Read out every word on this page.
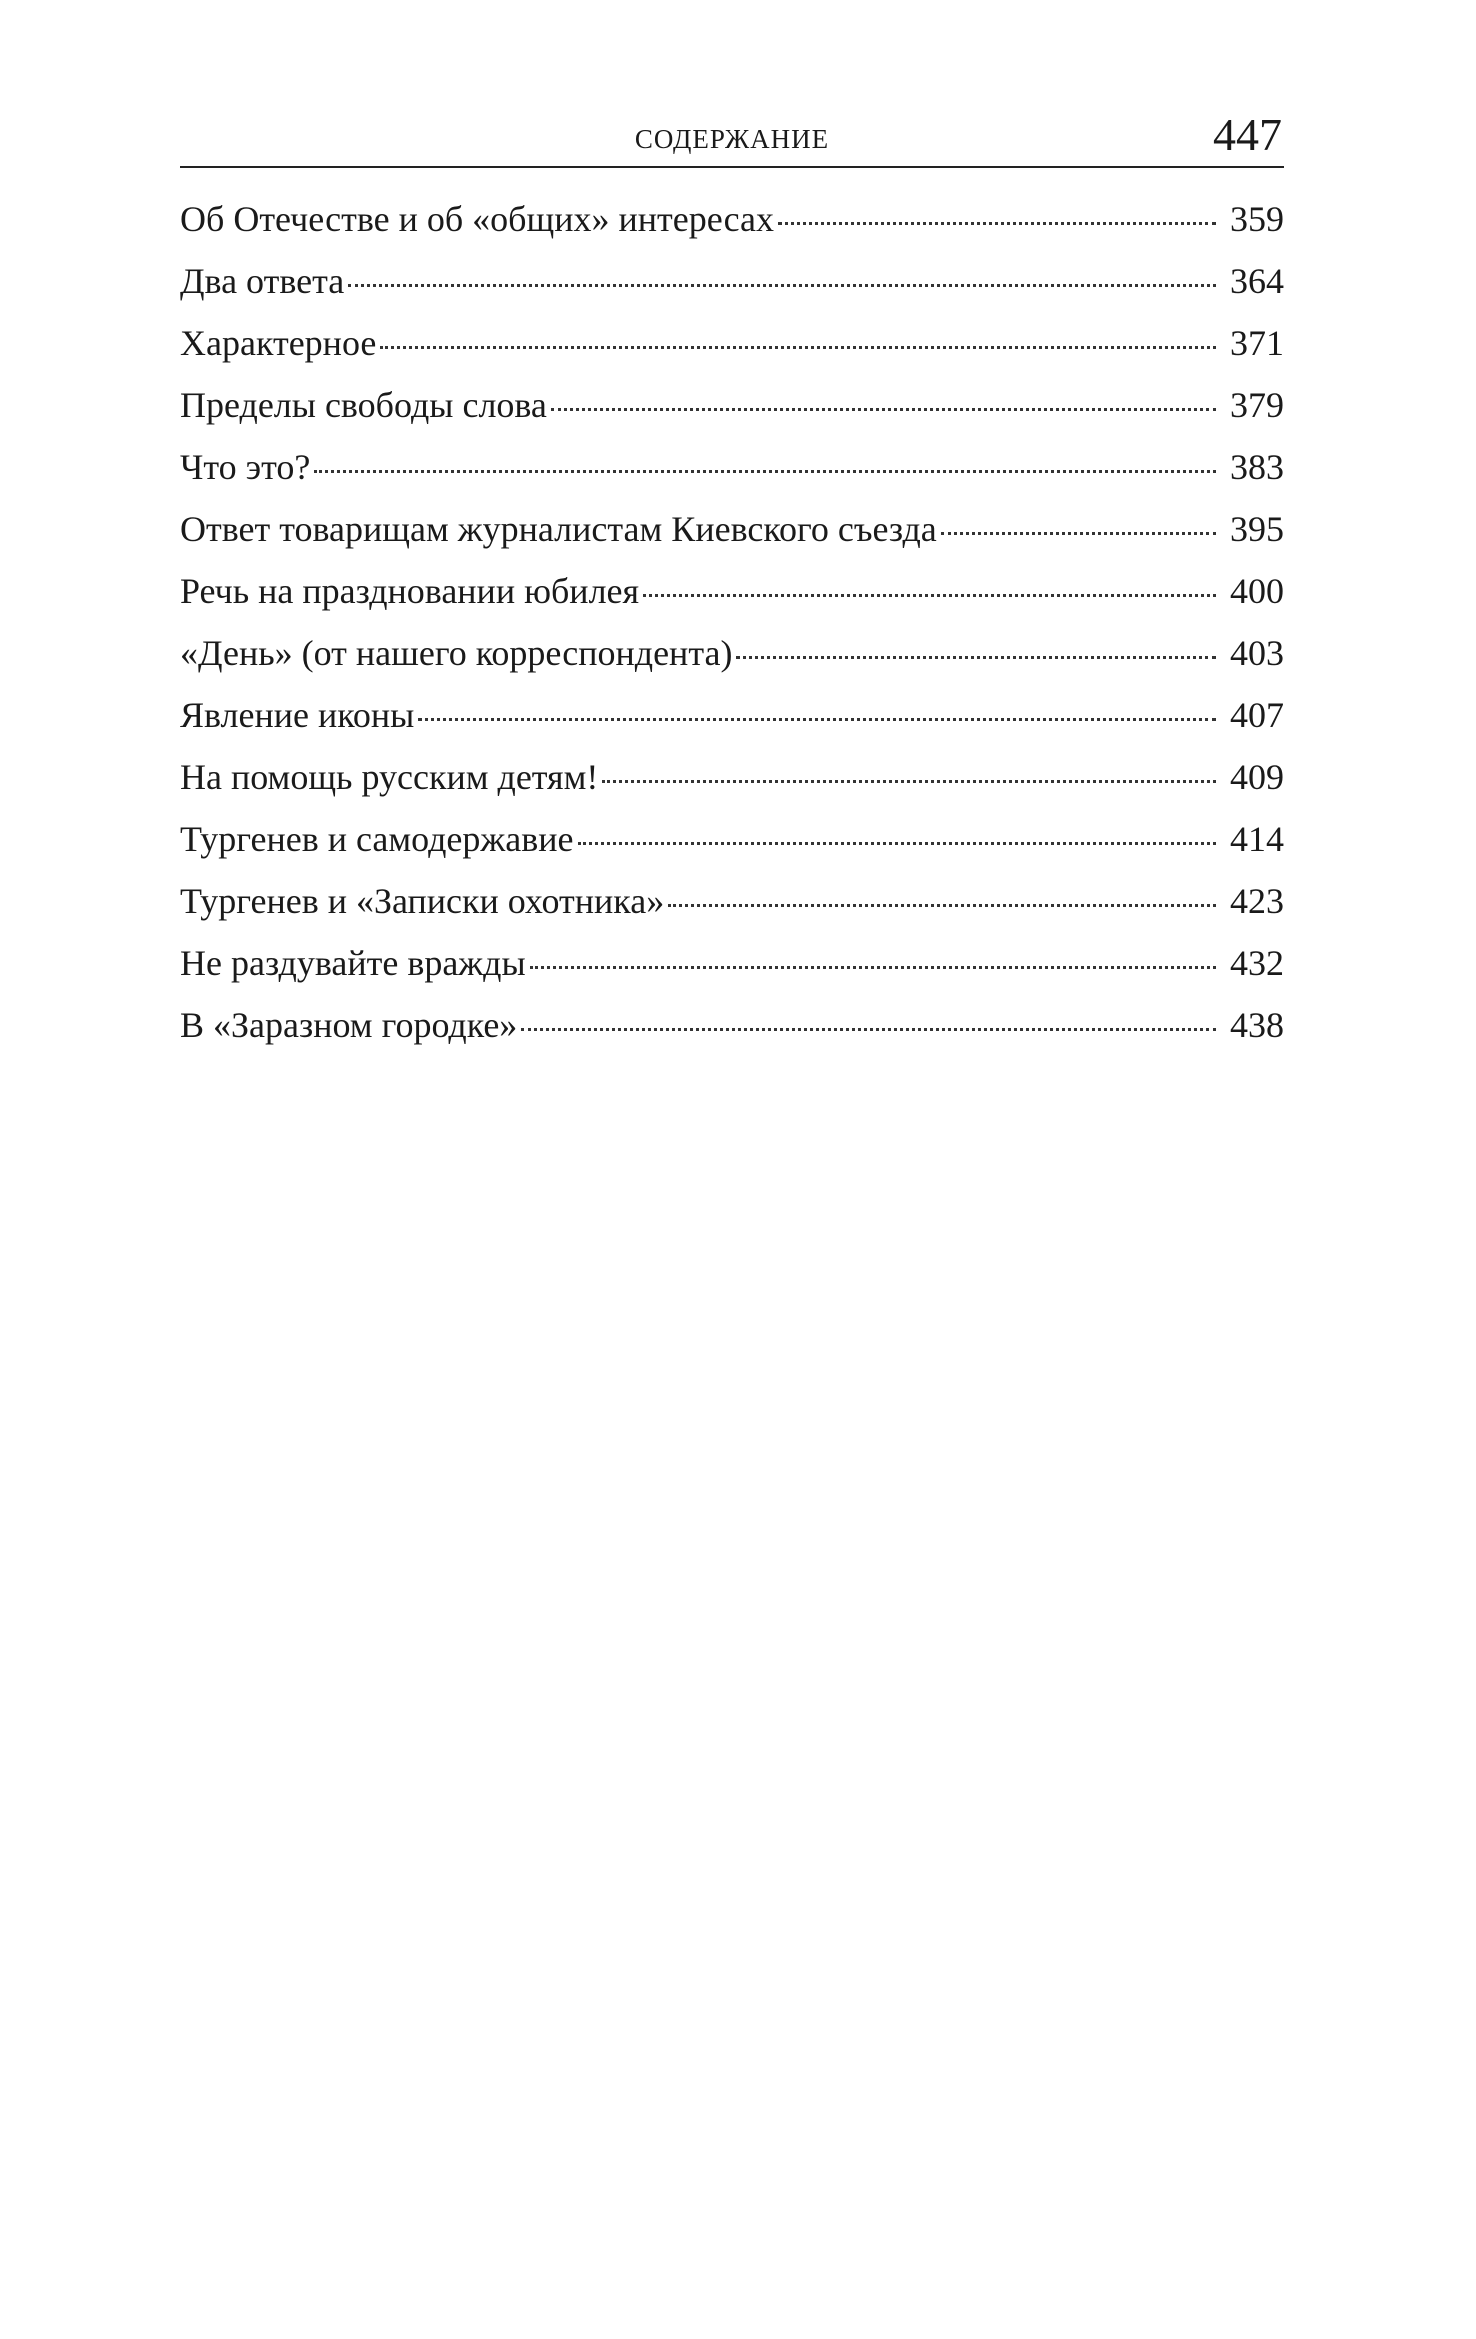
СОДЕРЖАНИЕ	447
Об Отечестве и об «общих» интересах	359
Два ответа	364
Характерное	371
Пределы свободы слова	379
Что это?	383
Ответ товарищам журналистам Киевского съезда	395
Речь на праздновании юбилея	400
«День» (от нашего корреспондента)	403
Явление иконы	407
На помощь русским детям!	409
Тургенев и самодержавие	414
Тургенев и «Записки охотника»	423
Не раздувайте вражды	432
В «Заразном городке»	438
